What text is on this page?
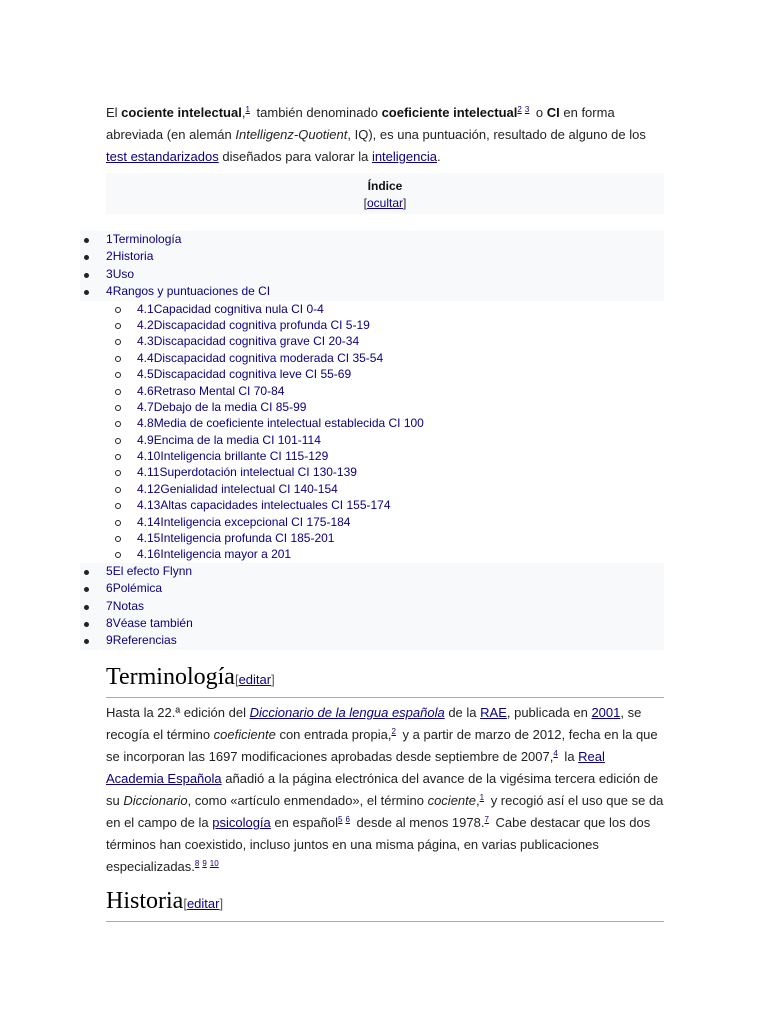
El cociente intelectual,$^1$ también denominado coeficiente intelectual$^{2 3}$ o CI en forma abreviada (en alemán Intelligenz-Quotient, IQ), es una puntuación, resultado de alguno de los test estandarizados diseñados para valorar la inteligencia.
Índice
[ocultar]
1Terminología
2Historia
3Uso
4Rangos y puntuaciones de CI
4.1Capacidad cognitiva nula CI 0-4
4.2Discapacidad cognitiva profunda CI 5-19
4.3Discapacidad cognitiva grave CI 20-34
4.4Discapacidad cognitiva moderada CI 35-54
4.5Discapacidad cognitiva leve CI 55-69
4.6Retraso Mental CI 70-84
4.7Debajo de la media CI 85-99
4.8Media de coeficiente intelectual establecida CI 100
4.9Encima de la media CI 101-114
4.10Inteligencia brillante CI 115-129
4.11Superdotación intelectual CI 130-139
4.12Genialidad intelectual CI 140-154
4.13Altas capacidades intelectuales CI 155-174
4.14Inteligencia excepcional CI 175-184
4.15Inteligencia profunda CI 185-201
4.16Inteligencia mayor a 201
5El efecto Flynn
6Polémica
7Notas
8Véase también
9Referencias
Terminología[editar]
Hasta la 22.ª edición del Diccionario de la lengua española de la RAE, publicada en 2001, se recogía el término coeficiente con entrada propia,$^2$ y a partir de marzo de 2012, fecha en la que se incorporan las 1697 modificaciones aprobadas desde septiembre de 2007,$^4$ la Real Academia Española añadió a la página electrónica del avance de la vigésima tercera edición de su Diccionario, como «artículo enmendado», el término cociente,$^1$ y recogió así el uso que se da en el campo de la psicología en español$^{5 6}$ desde al menos 1978.$^7$ Cabe destacar que los dos términos han coexistido, incluso juntos en una misma página, en varias publicaciones especializadas.$^{8 9 10}$
Historia[editar]
